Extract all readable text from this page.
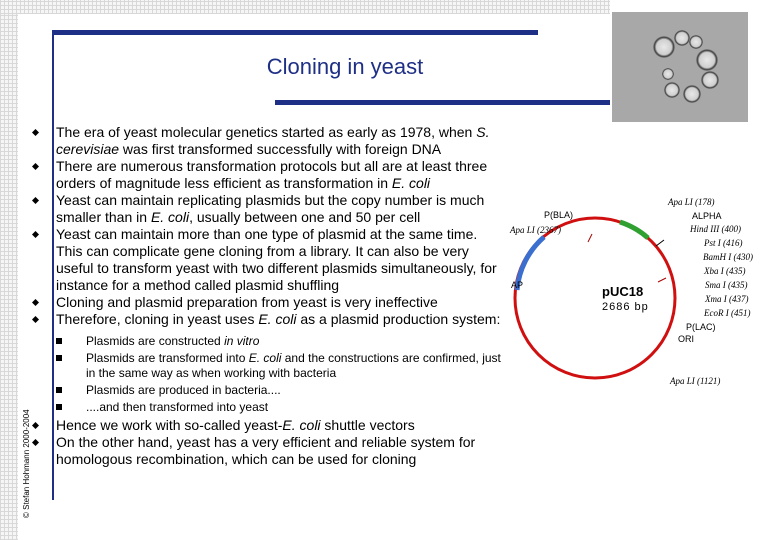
Cloning in yeast
© Stefan Hohmann 2000-2004
The era of yeast molecular genetics started as early as 1978, when S. cerevisiae was first transformed successfully with foreign DNA
There are numerous transformation protocols but all are at least three orders of magnitude less efficient as transformation in E. coli
Yeast can maintain replicating plasmids but the copy number is much smaller than in E. coli, usually between one and 50 per cell
Yeast can maintain more than one type of plasmid at the same time. This can complicate gene cloning from a library. It can also be very useful to transform yeast with two different plasmids simultaneously, for instance for a method called plasmid shuffling
Cloning and plasmid preparation from yeast is very ineffective
Therefore, cloning in yeast uses E. coli as a plasmid production system:
Plasmids are constructed in vitro
Plasmids are transformed into E. coli and the constructions are confirmed, just in the same way as when working with bacteria
Plasmids are produced in bacteria....
....and then transformed into yeast
Hence we work with so-called yeast-E. coli shuttle vectors
On the other hand, yeast has a very efficient and reliable system for homologous recombination, which can be used for cloning
Apa LI (2367)
P(BLA)
AP
Apa LI (178)
ALPHA
Hind III (400)
Pst I (416)
BamH I (430)
Xba I (435)
Sma I (435)
Xma I (437)
EcoR I (451)
P(LAC)
ORI
Apa LI (1121)
pUC18
2686 bp
